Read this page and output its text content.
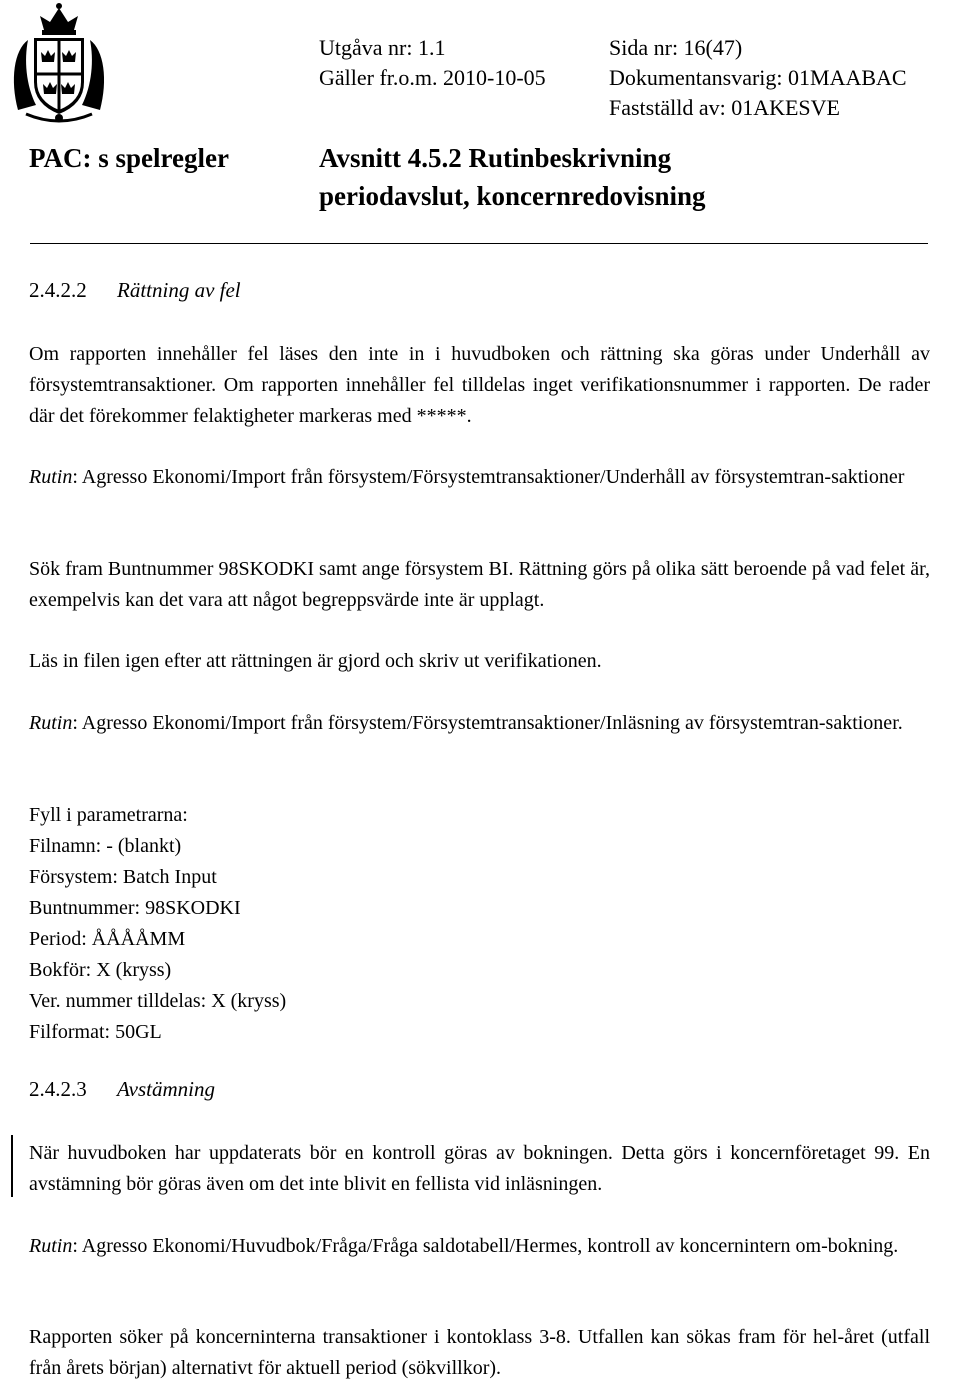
Utgåva nr: 1.1
Gäller fr.o.m. 2010-10-05
Sida nr: 16(47)
Dokumentansvarig: 01MAABAC
Fastställd av: 01AKESVE
PAC: s spelregler	Avsnitt 4.5.2 Rutinbeskrivning
periodavslut, koncernredovisning
2.4.2.2 Rättning av fel
Om rapporten innehåller fel läses den inte in i huvudboken och rättning ska göras under Underhåll av försystemtransaktioner. Om rapporten innehåller fel tilldelas inget verifikationsnummer i rapporten. De rader där det förekommer felaktigheter markeras med *****.
Rutin: Agresso Ekonomi/Import från försystem/Försystemtransaktioner/Underhåll av försystemtran-saktioner
Sök fram Buntnummer 98SKODKI samt ange försystem BI. Rättning görs på olika sätt beroende på vad felet är, exempelvis kan det vara att något begreppsvärde inte är upplagt.
Läs in filen igen efter att rättningen är gjord och skriv ut verifikationen.
Rutin: Agresso Ekonomi/Import från försystem/Försystemtransaktioner/Inläsning av försystemtran-saktioner.
Fyll i parametrarna:
Filnamn: - (blankt)
Försystem: Batch Input
Buntnummer: 98SKODKI
Period: ÅÅÅÅMM
Bokför: X (kryss)
Ver. nummer tilldelas: X (kryss)
Filformat: 50GL
2.4.2.3 Avstämning
När huvudboken har uppdaterats bör en kontroll göras av bokningen. Detta görs i koncernföretaget 99. En avstämning bör göras även om det inte blivit en fellista vid inläsningen.
Rutin: Agresso Ekonomi/Huvudbok/Fråga/Fråga saldotabell/Hermes, kontroll av koncernintern om-bokning.
Rapporten söker på koncerninterna transaktioner i kontoklass 3-8. Utfallen kan sökas fram för hel-året (utfall från årets början) alternativt för aktuell period (sökvillkor).
